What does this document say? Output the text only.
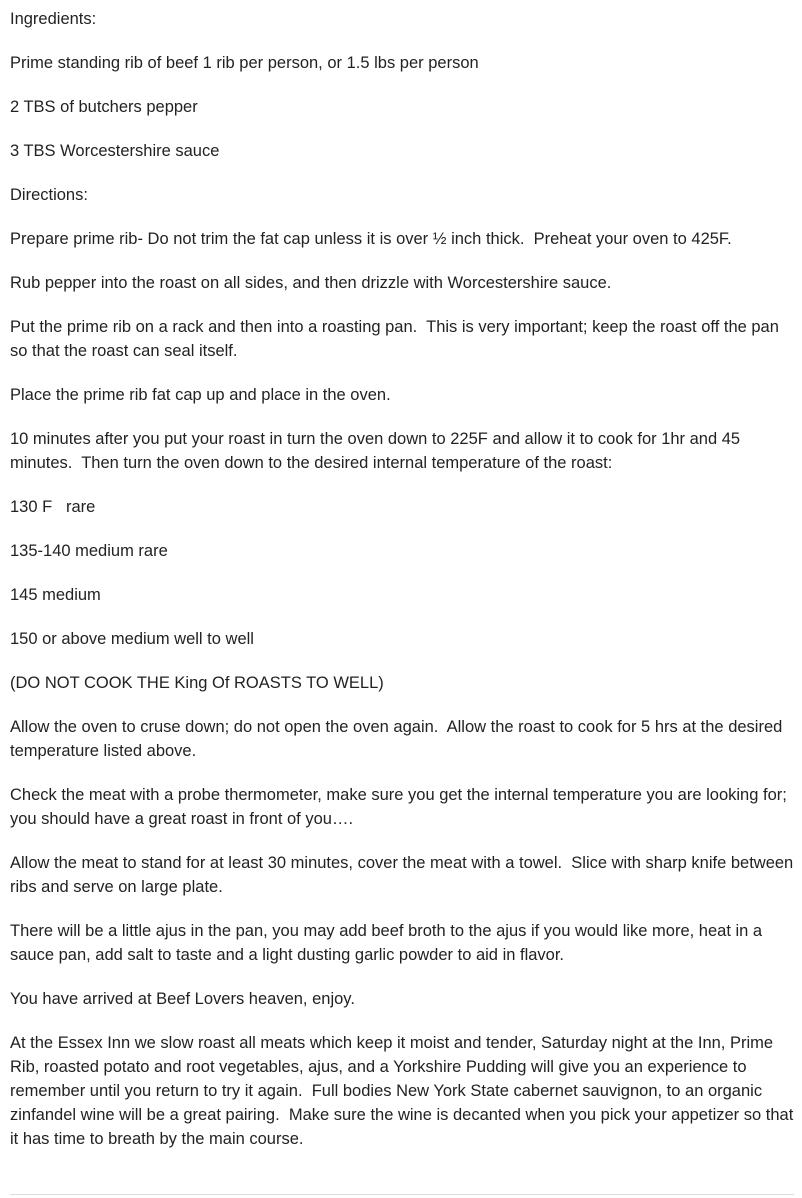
Ingredients:

Prime standing rib of beef 1 rib per person, or 1.5 lbs per person

2 TBS of butchers pepper

3 TBS Worcestershire sauce

Directions:

Prepare prime rib- Do not trim the fat cap unless it is over ½ inch thick.  Preheat your oven to 425F.

Rub pepper into the roast on all sides, and then drizzle with Worcestershire sauce.

Put the prime rib on a rack and then into a roasting pan.  This is very important; keep the roast off the pan so that the roast can seal itself.

Place the prime rib fat cap up and place in the oven.

10 minutes after you put your roast in turn the oven down to 225F and allow it to cook for 1hr and 45 minutes.  Then turn the oven down to the desired internal temperature of the roast:

130 F   rare

135-140 medium rare

145 medium

150 or above medium well to well

(DO NOT COOK THE King Of ROASTS TO WELL)

Allow the oven to cruse down; do not open the oven again.  Allow the roast to cook for 5 hrs at the desired temperature listed above.

Check the meat with a probe thermometer, make sure you get the internal temperature you are looking for; you should have a great roast in front of you….

Allow the meat to stand for at least 30 minutes, cover the meat with a towel.  Slice with sharp knife between ribs and serve on large plate.

There will be a little ajus in the pan, you may add beef broth to the ajus if you would like more, heat in a sauce pan, add salt to taste and a light dusting garlic powder to aid in flavor.

You have arrived at Beef Lovers heaven, enjoy.

At the Essex Inn we slow roast all meats which keep it moist and tender, Saturday night at the Inn, Prime Rib, roasted potato and root vegetables, ajus, and a Yorkshire Pudding will give you an experience to remember until you return to try it again.  Full bodies New York State cabernet sauvignon, to an organic zinfandel wine will be a great pairing.  Make sure the wine is decanted when you pick your appetizer so that it has time to breath by the main course.
